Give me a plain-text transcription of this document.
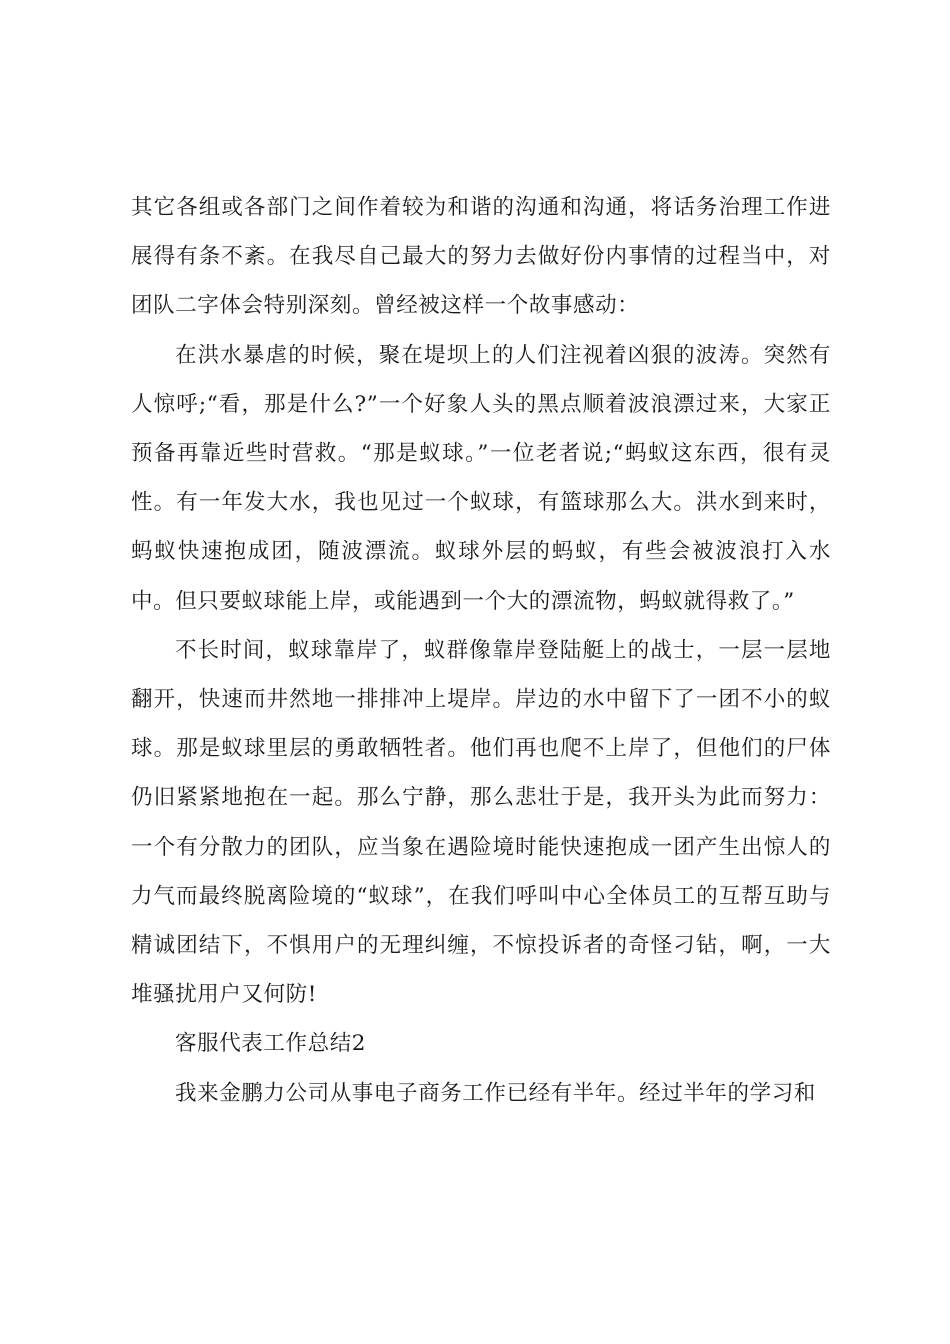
其它各组或各部门之间作着较为和谐的沟通和沟通，将话务治理工作进展得有条不紊。在我尽自己最大的努力去做好份内事情的过程当中，对团队二字体会特别深刻。曾经被这样一个故事感动：

在洪水暴虐的时候，聚在堤坝上的人们注视着凶狠的波涛。突然有人惊呼;“看，那是什么?”一个好象人头的黑点顺着波浪漂过来，大家正预备再靠近些时营救。“那是蚁球。”一位老者说;“蚂蚁这东西，很有灵性。有一年发大水，我也见过一个蚁球，有篮球那么大。洪水到来时，蚂蚁快速抱成团，随波漂流。蚁球外层的蚂蚁，有些会被波浪打入水中。但只要蚁球能上岸，或能遇到一个大的漂流物，蚂蚁就得救了。”

不长时间，蚁球靠岸了，蚁群像靠岸登陆艇上的战士，一层一层地翻开，快速而井然地一排排冲上堤岸。岸边的水中留下了一团不小的蚁球。那是蚁球里层的勇敢牺牲者。他们再也爬不上岸了，但他们的尸体仍旧紧紧地抱在一起。那么宁静，那么悲壮于是，我开头为此而努力：一个有分散力的团队，应当象在遇险境时能快速抱成一团产生出惊人的力气而最终脱离险境的“蚁球”，在我们呼叫中心全体员工的互帮互助与精诚团结下，不惧用户的无理纠缠，不惊投诉者的奇怪刁钻，啊，一大堆骚扰用户又何防!

客服代表工作总结2

我来金鹏力公司从事电子商务工作已经有半年。经过半年的学习和
